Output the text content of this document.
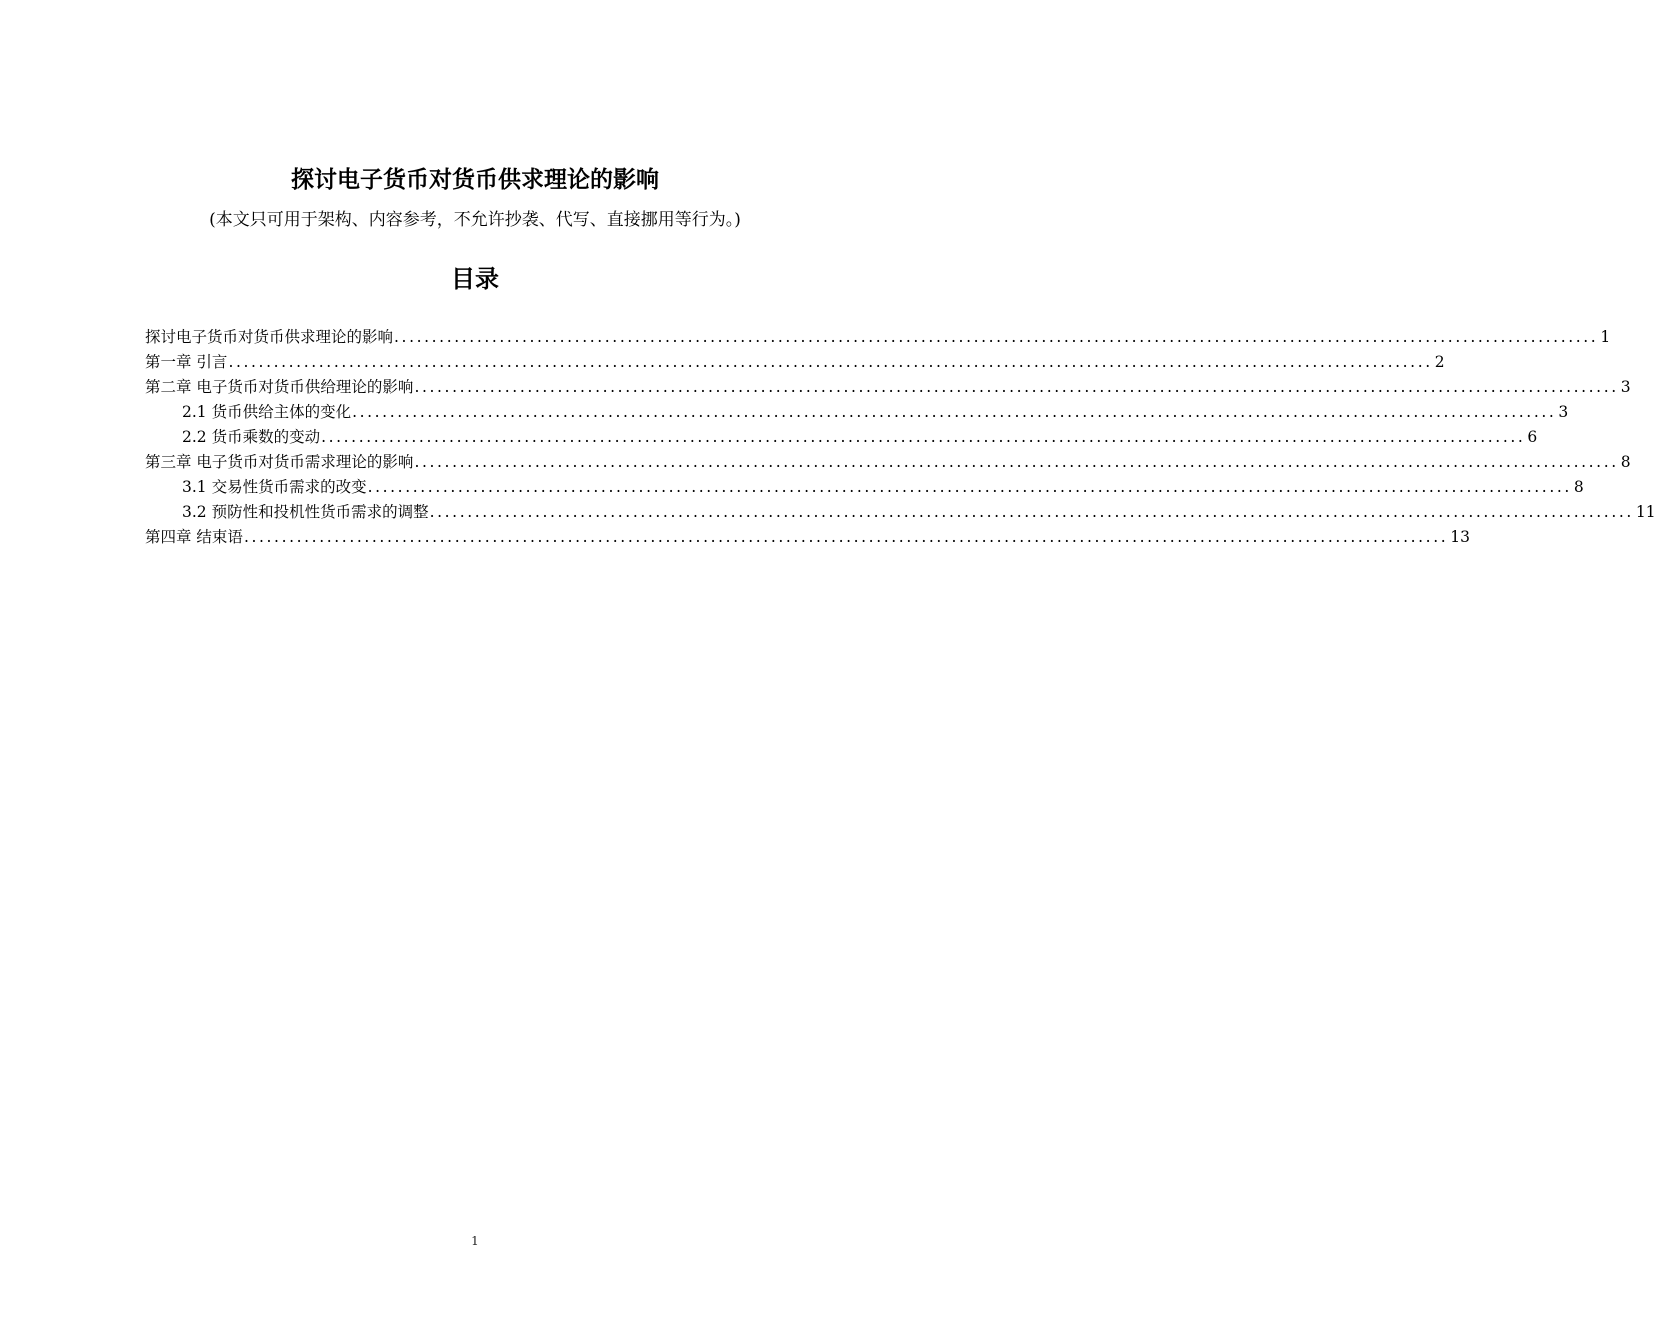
探讨电子货币对货币供求理论的影响

(本文只可用于架构、内容参考，不允许抄袭、代写、直接挪用等行为。)

目录
探讨电子货币对货币供求理论的影响 ................................................................................................................................................................ 1
第一章 引言 ................................................................................................................................................................ 2
第二章 电子货币对货币供给理论的影响 ................................................................................................................................................................ 3
2.1 货币供给主体的变化 ................................................................................................................................................................ 3
2.2 货币乘数的变动 ................................................................................................................................................................ 6
第三章 电子货币对货币需求理论的影响 ................................................................................................................................................................ 8
3.1 交易性货币需求的改变 ................................................................................................................................................................ 8
3.2 预防性和投机性货币需求的调整 ................................................................................................................................................................ 11
第四章 结束语 ................................................................................................................................................................ 13
1
